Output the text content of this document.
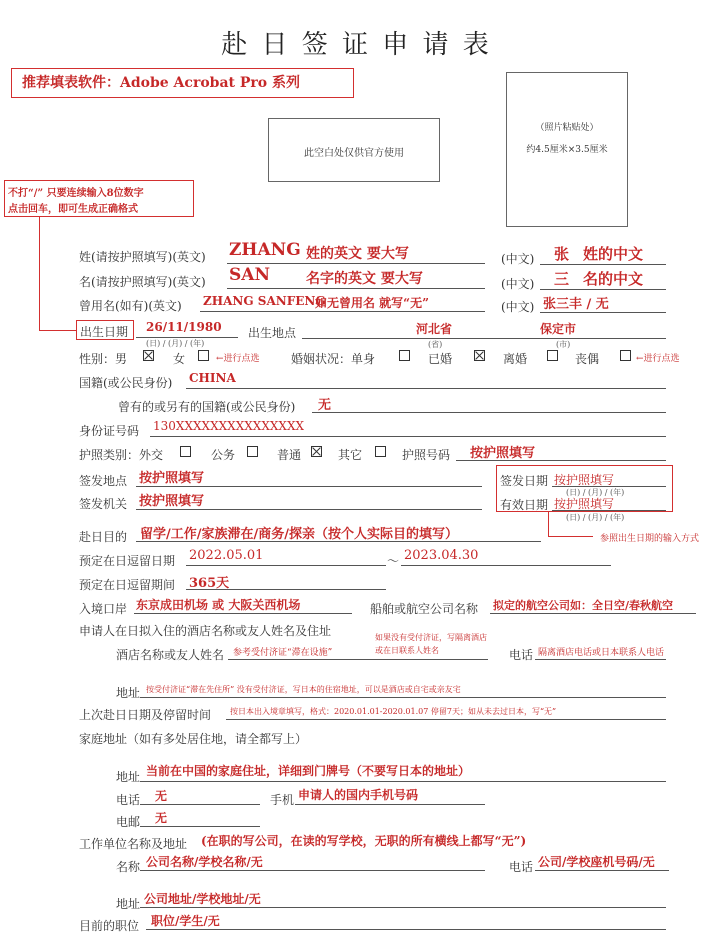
赴 日 签 证 申 请 表
推荐填表软件：Adobe Acrobat Pro 系列
此空白处仅供官方使用
（照片粘贴处）
约4.5厘米×3.5厘米
不打“/” 只要连续输入8位数字
点击回车，即可生成正确格式
姓(请按护照填写)(英文) ZHANG 姓的英文 要大写	(中文) 张 姓的中文
名(请按护照填写)(英文) SAN	名字的英文 要大写	(中文) 三 名的中文
曾用名(如有)(英文) ZHANG SANFENG
如无曾用名 就写“无”	(中文) 张三丰 / 无
出生日期 26/11/1980
(日) / (月) / (年)
出生地点	河北省	保定市
(省)	(市)
性别：男	女	←进行点选	婚姻状况：单身	已婚	离婚	丧偶	←进行点选
国籍(或公民身份) CHINA
曾有的或另有的国籍(或公民身份) 无
身份证号码 130XXXXXXXXXXXXXXX
护照类别：外交	公务	普通	其它	护照号码 按护照填写
签发地点 按护照填写
签发机关 按护照填写
签发日期 按护照填写
(日) / (月) / (年)
有效日期 按护照填写
(日) / (月) / (年)
参照出生日期的输入方式
赴日目的 留学/工作/家族滞在/商务/探亲（按个人实际目的填写）
预定在日逗留日期 2022.05.01	～ 2023.04.30
预定在日逗留期间 365天
入境口岸 东京成田机场 或 大阪关西机场	船舶或航空公司名称 拟定的航空公司如：全日空/春秋航空
申请人在日拟入住的酒店名称或友人姓名及住址	如果没有受付济证，写隔离酒店
或在日联系人姓名
酒店名称或友人姓名 参考受付济证“滞在设施”	电话 隔离酒店电话或日本联系人电话
地址 按受付济证“滞在先住所” 没有受付济证，写日本的住宿地址，可以是酒店或自宅或亲友宅
上次赴日日期及停留时间 按日本出入境章填写，格式：2020.01.01-2020.01.07 停留7天；如从未去过日本，写“无”
家庭地址（如有多处居住地，请全都写上）
地址 当前在中国的家庭住址，详细到门牌号（不要写日本的地址）
电话 无	手机 申请人的国内手机号码
电邮 无
工作单位名称及地址 (在职的写公司，在读的写学校，无职的所有横线上都写“无”)
名称 公司名称/学校名称/无	电话 公司/学校座机号码/无
地址 公司地址/学校地址/无
目前的职位 职位/学生/无
